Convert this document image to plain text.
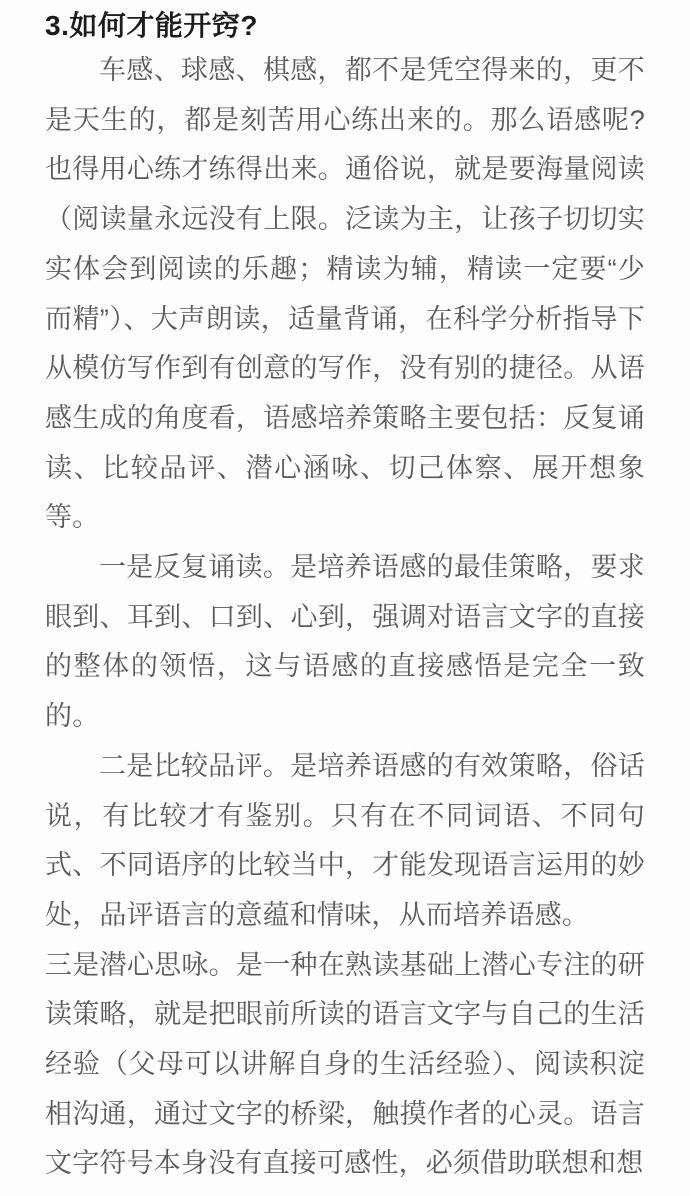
3.如何才能开窍?

车感、球感、棋感，都不是凭空得来的，更不是天生的，都是刻苦用心练出来的。那么语感呢?也得用心练才练得出来。通俗说，就是要海量阅读（阅读量永远没有上限。泛读为主，让孩子切切实实体会到阅读的乐趣；精读为辅，精读一定要“少而精”）、大声朗读，适量背诵，在科学分析指导下从模仿写作到有创意的写作，没有别的捷径。从语感生成的角度看，语感培养策略主要包括：反复诵读、比较品评、潜心涵咏、切己体察、展开想象等。

一是反复诵读。是培养语感的最佳策略，要求眼到、耳到、口到、心到，强调对语言文字的直接的整体的领悟，这与语感的直接感悟是完全一致的。

二是比较品评。是培养语感的有效策略，俗话说，有比较才有鉴别。只有在不同词语、不同句式、不同语序的比较当中，才能发现语言运用的妙处，品评语言的意蕴和情味，从而培养语感。

三是潜心思咏。是一种在熟读基础上潜心专注的研读策略，就是把眼前所读的语言文字与自己的生活经验（父母可以讲解自身的生活经验）、阅读积淀相沟通，通过文字的桥梁，触摸作者的心灵。语言文字符号本身没有直接可感性，必须借助联想和想
